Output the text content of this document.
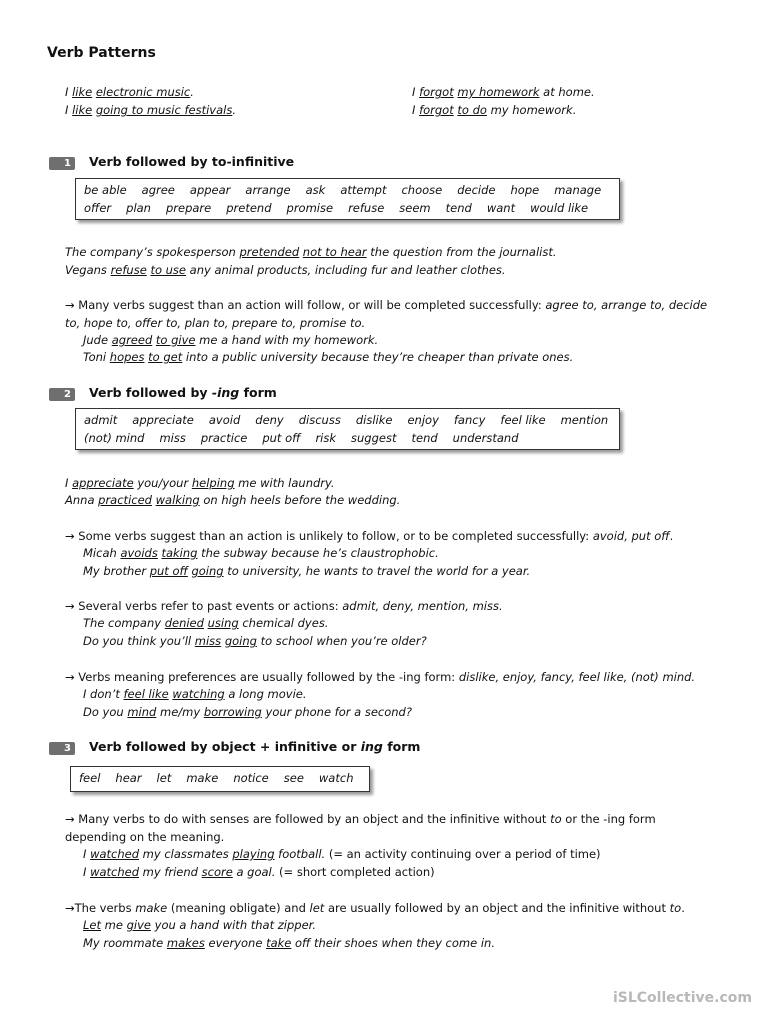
Verb Patterns
I like electronic music.
I like going to music festivals.
I forgot my homework at home.
I forgot to do my homework.
1	Verb followed by to-infinitive
be able agree appear arrange ask attempt choose decide hope manage
offer plan prepare pretend promise refuse seem tend want would like
The company’s spokesperson pretended not to hear the question from the journalist.
Vegans refuse to use any animal products, including fur and leather clothes.
→ Many verbs suggest than an action will follow, or will be completed successfully: agree to, arrange to, decide
to, hope to, offer to, plan to, prepare to, promise to.
Jude agreed to give me a hand with my homework.
Toni hopes to get into a public university because they’re cheaper than private ones.
2	Verb followed by -ing form
admit appreciate avoid deny discuss dislike enjoy fancy feel like mention
(not) mind miss practice put off risk suggest tend understand
I appreciate you/your helping me with laundry.
Anna practiced walking on high heels before the wedding.
→ Some verbs suggest than an action is unlikely to follow, or to be completed successfully: avoid, put off.
Micah avoids taking the subway because he’s claustrophobic.
My brother put off going to university, he wants to travel the world for a year.
→ Several verbs refer to past events or actions: admit, deny, mention, miss.
The company denied using chemical dyes.
Do you think you’ll miss going to school when you’re older?
→ Verbs meaning preferences are usually followed by the -ing form: dislike, enjoy, fancy, feel like, (not) mind.
I don’t feel like watching a long movie.
Do you mind me/my borrowing your phone for a second?
3	Verb followed by object + infinitive or ing form
feel hear let make notice see watch
→ Many verbs to do with senses are followed by an object and the infinitive without to or the -ing form
depending on the meaning.
I watched my classmates playing football. (= an activity continuing over a period of time)
I watched my friend score a goal. (= short completed action)
→The verbs make (meaning obligate) and let are usually followed by an object and the infinitive without to.
Let me give you a hand with that zipper.
My roommate makes everyone take off their shoes when they come in.
iSLCollective.com
